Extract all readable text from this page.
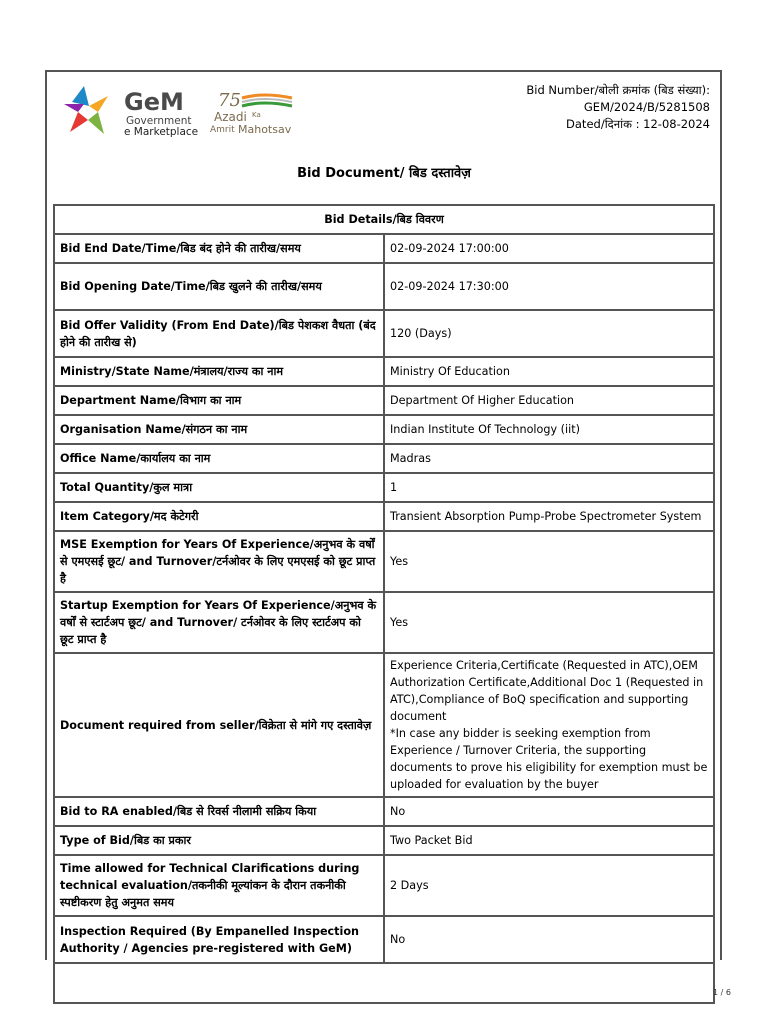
GeM
Government
e Marketplace
75
Azadi Ka
Amrit Mahotsav
Bid Number/बोली क्रमांक (बिड संख्या):
GEM/2024/B/5281508
Dated/दिनांक : 12-08-2024
Bid Document/ बिड दस्तावेज़
Bid Details/बिड विवरण	
Bid End Date/Time/बिड बंद होने की तारीख/समय	02-09-2024 17:00:00

Bid Opening Date/Time/बिड खुलने की तारीख/समय	02-09-2024 17:30:00

Bid Offer Validity (From End Date)/बिड पेशकश वैधता (बंद होने की तारीख से)	120 (Days)

Ministry/State Name/मंत्रालय/राज्य का नाम	Ministry Of Education

Department Name/विभाग का नाम	Department Of Higher Education

Organisation Name/संगठन का नाम	Indian Institute Of Technology (iit)

Office Name/कार्यालय का नाम	Madras

Total Quantity/कुल मात्रा	1

Item Category/मद केटेगरी	Transient Absorption Pump-Probe Spectrometer System

MSE Exemption for Years Of Experience/अनुभव के वर्षों से एमएसई छूट/ and Turnover/टर्नओवर के लिए एमएसई को छूट प्राप्त है	Yes

Startup Exemption for Years Of Experience/अनुभव के वर्षों से स्टार्टअप छूट/ and Turnover/ टर्नओवर के लिए स्टार्टअप को छूट प्राप्त है	Yes

Document required from seller/विक्रेता से मांगे गए दस्तावेज़	Experience Criteria,Certificate (Requested in ATC),OEM Authorization Certificate,Additional Doc 1 (Requested in ATC),Compliance of BoQ specification and supporting document
*In case any bidder is seeking exemption from Experience / Turnover Criteria, the supporting documents to prove his eligibility for exemption must be uploaded for evaluation by the buyer

Bid to RA enabled/बिड से रिवर्स नीलामी सक्रिय किया	No

Type of Bid/बिड का प्रकार	Two Packet Bid

Time allowed for Technical Clarifications during technical evaluation/तकनीकी मूल्यांकन के दौरान तकनीकी स्पष्टीकरण हेतु अनुमत समय	2 Days

Inspection Required (By Empanelled Inspection Authority / Agencies pre-registered with GeM)	No

1 / 6
